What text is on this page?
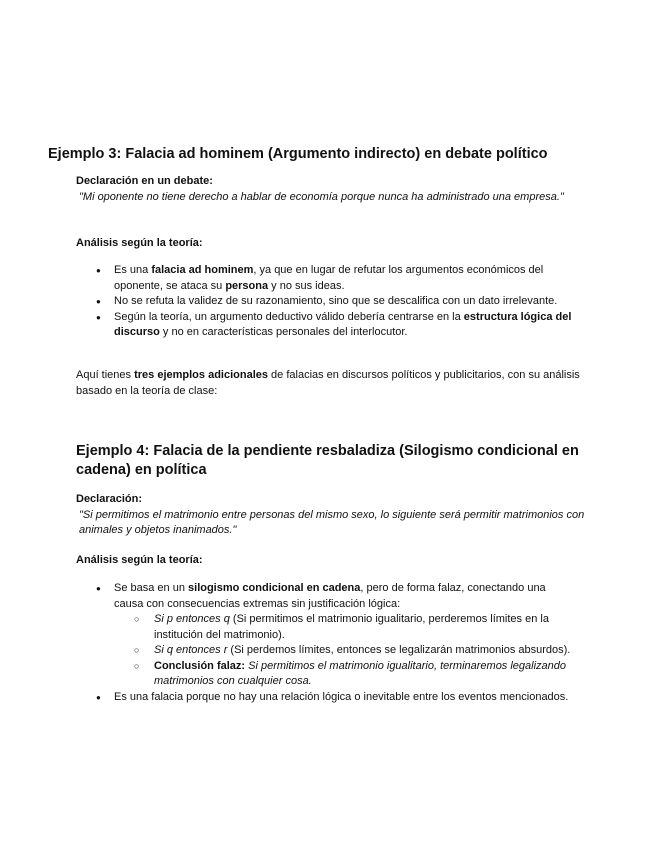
Ejemplo 3: Falacia ad hominem (Argumento indirecto) en debate político
Declaración en un debate:
"Mi oponente no tiene derecho a hablar de economía porque nunca ha administrado una empresa."
Análisis según la teoría:
● Es una falacia ad hominem, ya que en lugar de refutar los argumentos económicos del oponente, se ataca su persona y no sus ideas.
● No se refuta la validez de su razonamiento, sino que se descalifica con un dato irrelevante.
● Según la teoría, un argumento deductivo válido debería centrarse en la estructura lógica del discurso y no en características personales del interlocutor.
Aquí tienes tres ejemplos adicionales de falacias en discursos políticos y publicitarios, con su análisis basado en la teoría de clase:
Ejemplo 4: Falacia de la pendiente resbaladiza (Silogismo condicional en cadena) en política
Declaración:
"Si permitimos el matrimonio entre personas del mismo sexo, lo siguiente será permitir matrimonios con animales y objetos inanimados."
Análisis según la teoría:
● Se basa en un silogismo condicional en cadena, pero de forma falaz, conectando una causa con consecuencias extremas sin justificación lógica:
○ Si p entonces q (Si permitimos el matrimonio igualitario, perderemos límites en la institución del matrimonio).
○ Si q entonces r (Si perdemos límites, entonces se legalizarán matrimonios absurdos).
○ Conclusión falaz: Si permitimos el matrimonio igualitario, terminaremos legalizando matrimonios con cualquier cosa.
● Es una falacia porque no hay una relación lógica o inevitable entre los eventos mencionados.
